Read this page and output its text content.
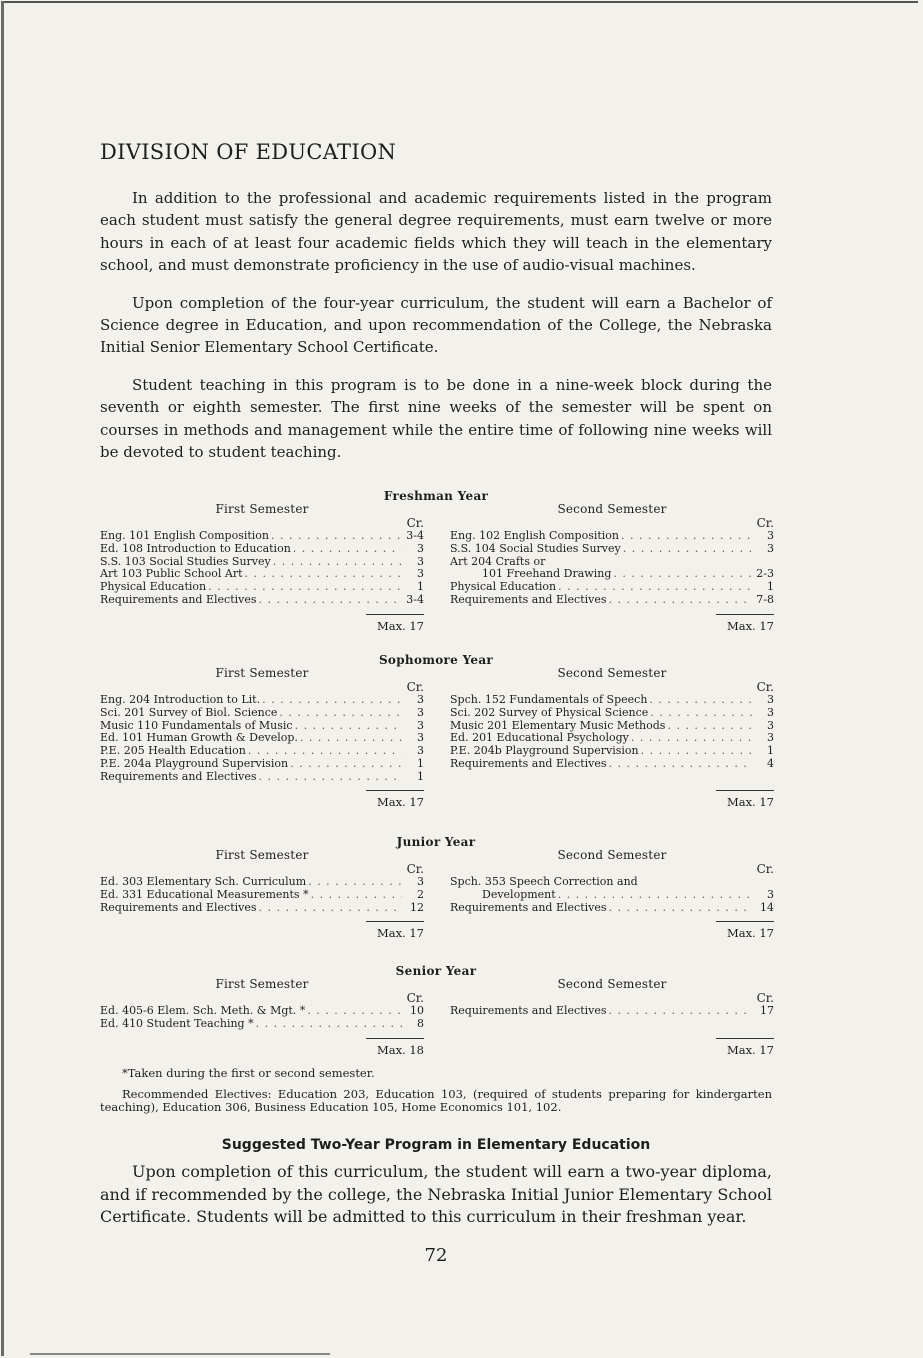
DIVISION OF EDUCATION

In addition to the professional and academic requirements listed in the program each student must satisfy the general degree requirements, must earn twelve or more hours in each of at least four academic fields which they will teach in the elementary school, and must demonstrate proficiency in the use of audio-visual machines.

Upon completion of the four-year curriculum, the student will earn a Bachelor of Science degree in Education, and upon recommendation of the College, the Nebraska Initial Senior Elementary School Certificate.

Student teaching in this program is to be done in a nine-week block during the seventh or eighth semester. The first nine weeks of the semester will be spent on courses in methods and management while the entire time of following nine weeks will be devoted to student teaching.

Freshman Year
First Semester
Cr.
Eng. 101 English Composition . . .	3-4
Ed. 108 Introduction to Education . . .	3
S.S. 103 Social Studies Survey . . .	3
Art 103 Public School Art . . .	3
Physical Education . . .	1
Requirements and Electives . . .	3-4
Max. 17
Second Semester
Cr.
Eng. 102 English Composition . . .	3
S.S. 104 Social Studies Survey . . .	3
Art 204 Crafts or
101 Freehand Drawing . . .	2-3
Physical Education . . .	1
Requirements and Electives . . .	7-8
Max. 17
Sophomore Year
First Semester
Cr.
Eng. 204 Introduction to Lit. . . .	3
Sci. 201 Survey of Biol. Science . . .	3
Music 110 Fundamentals of Music . . .	3
Ed. 101 Human Growth & Develop. . . .	3
P.E. 205 Health Education . . .	3
P.E. 204a Playground Supervision . . .	1
Requirements and Electives . . .	1
Max. 17
Second Semester
Cr.
Spch. 152 Fundamentals of Speech . . .	3
Sci. 202 Survey of Physical Science . . .	3
Music 201 Elementary Music Methods . . .	3
Ed. 201 Educational Psychology . . .	3
P.E. 204b Playground Supervision . . .	1
Requirements and Electives . . .	4
Max. 17
Junior Year
First Semester
Cr.
Ed. 303 Elementary Sch. Curriculum . . .	3
Ed. 331 Educational Measurements * . . .	2
Requirements and Electives . . .	12
Max. 17
Second Semester
Cr.
Spch. 353 Speech Correction and
Development . . .	3
Requirements and Electives . . .	14
Max. 17
Senior Year
First Semester
Cr.
Ed. 405-6 Elem. Sch. Meth. & Mgt. * . . .	10
Ed. 410 Student Teaching * . . .	8
Max. 18
Second Semester
Cr.
Requirements and Electives . . .	17
Max. 17

*Taken during the first or second semester.

Recommended Electives: Education 203, Education 103, (required of students preparing for kindergarten teaching), Education 306, Business Education 105, Home Economics 101, 102.

Suggested Two-Year Program in Elementary Education

Upon completion of this curriculum, the student will earn a two-year diploma, and if recommended by the college, the Nebraska Initial Junior Elementary School Certificate. Students will be admitted to this curriculum in their freshman year.

72
